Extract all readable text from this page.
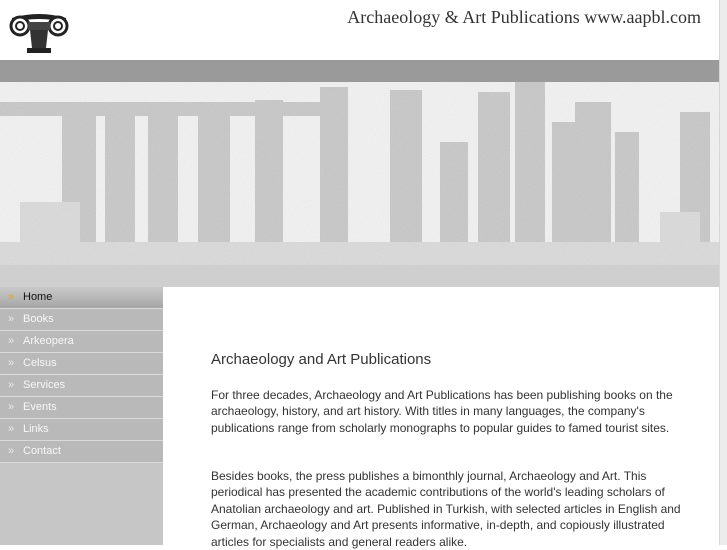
Archaeology & Art Publications www.aapbl.com
» Home
» Books
» Arkeopera
» Celsus
» Services
» Events
» Links
» Contact
Archaeology and Art Publications

For three decades, Archaeology and Art Publications has been publishing books on the archaeology, history, and art history. With titles in many languages, the company's publications range from scholarly monographs to popular guides to famed tourist sites.

Besides books, the press publishes a bimonthly journal, Archaeology and Art. This periodical has presented the academic contributions of the world's leading scholars of Anatolian archaeology and art. Published in Turkish, with selected articles in English and German, Archaeology and Art presents informative, in-depth, and copiously illustrated articles for specialists and general readers alike.
